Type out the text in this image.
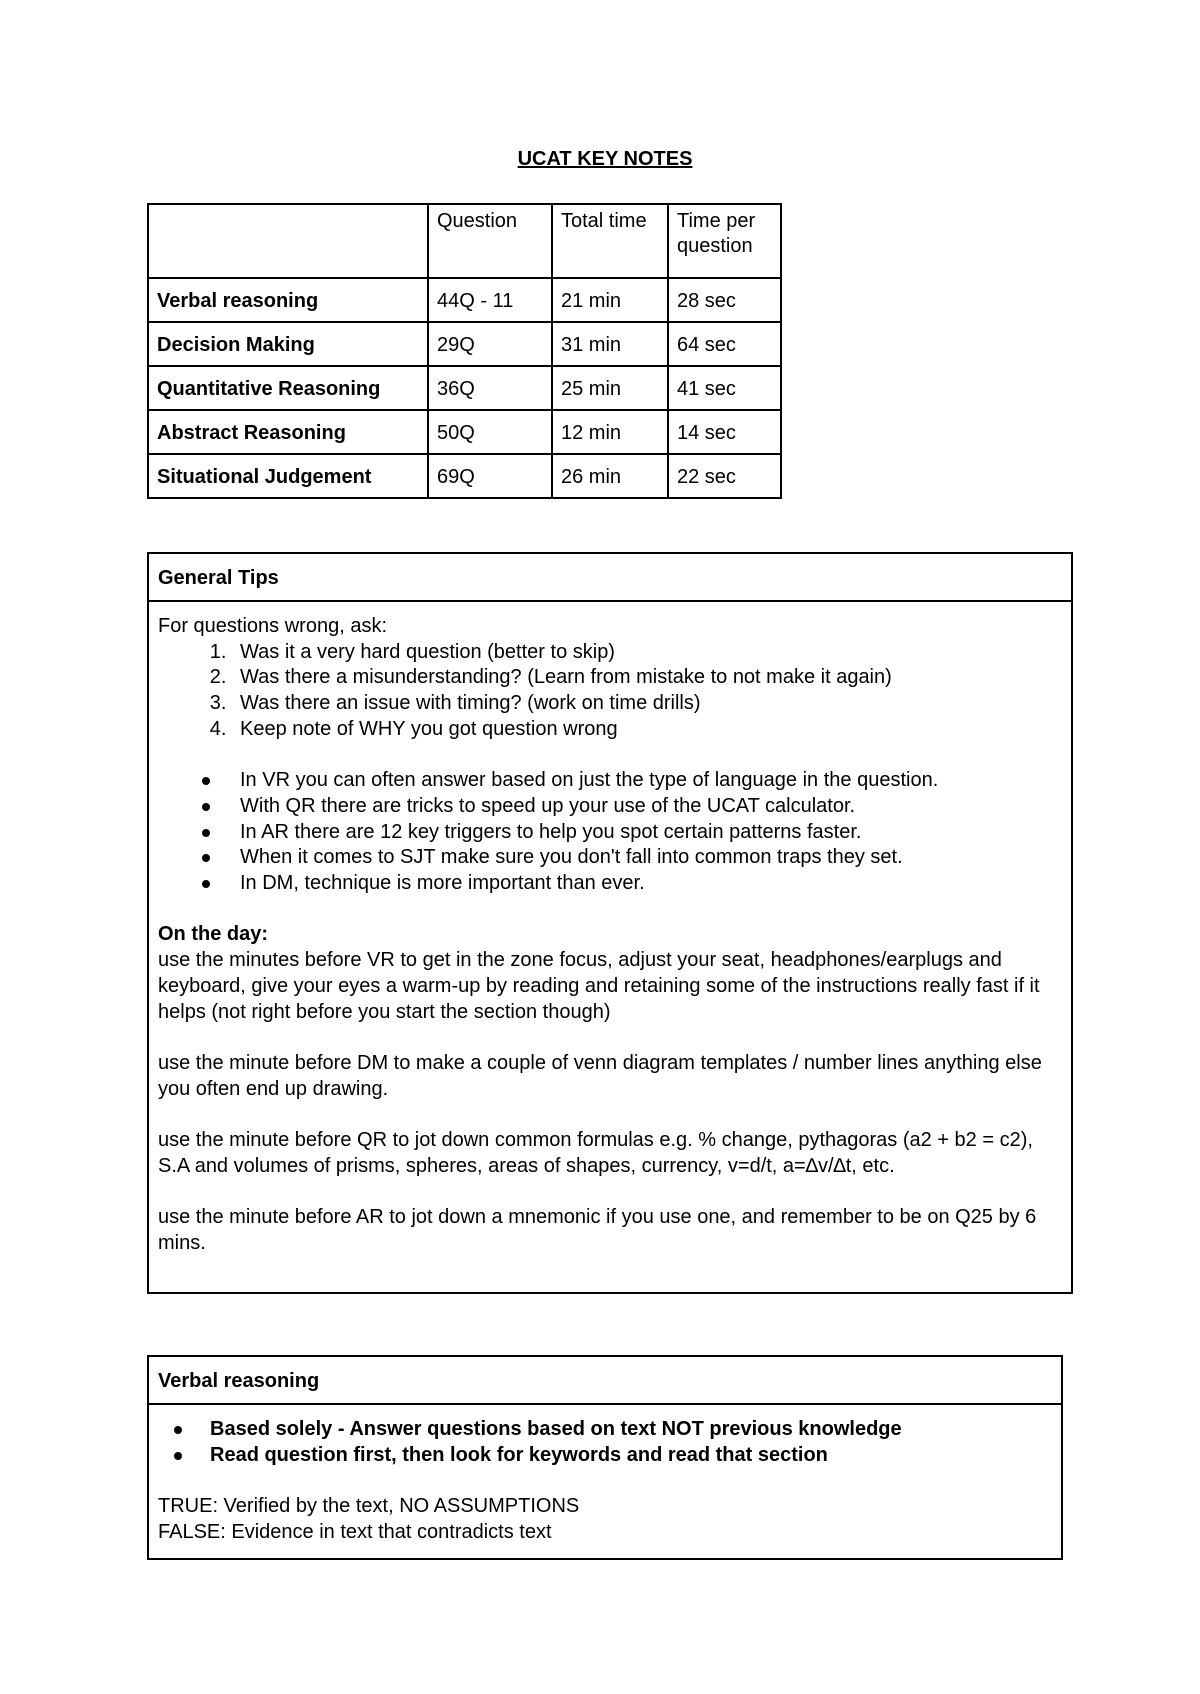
UCAT KEY NOTES
	Question	Total time	Time per question
Verbal reasoning	44Q - 11	21 min	28 sec
Decision Making	29Q	31 min	64 sec
Quantitative Reasoning	36Q	25 min	41 sec
Abstract Reasoning	50Q	12 min	14 sec
Situational Judgement	69Q	26 min	22 sec
General Tips

For questions wrong, ask:

1. Was it a very hard question (better to skip)
2. Was there a misunderstanding? (Learn from mistake to not make it again)
3. Was there an issue with timing? (work on time drills)
4. Keep note of WHY you got question wrong
In VR you can often answer based on just the type of language in the question.
With QR there are tricks to speed up your use of the UCAT calculator.
In AR there are 12 key triggers to help you spot certain patterns faster.
When it comes to SJT make sure you don't fall into common traps they set.
In DM, technique is more important than ever.

On the day:

use the minutes before VR to get in the zone focus, adjust your seat, headphones/earplugs and keyboard, give your eyes a warm-up by reading and retaining some of the instructions really fast if it helps (not right before you start the section though)

use the minute before DM to make a couple of venn diagram templates / number lines anything else you often end up drawing.

use the minute before QR to jot down common formulas e.g. % change, pythagoras (a2 + b2 = c2), S.A and volumes of prisms, spheres, areas of shapes, currency, v=d/t, a=∆v/∆t, etc.

use the minute before AR to jot down a mnemonic if you use one, and remember to be on Q25 by 6 mins.

Verbal reasoning
Based solely - Answer questions based on text NOT previous knowledge
Read question first, then look for keywords and read that section

TRUE: Verified by the text, NO ASSUMPTIONS

FALSE: Evidence in text that contradicts text
